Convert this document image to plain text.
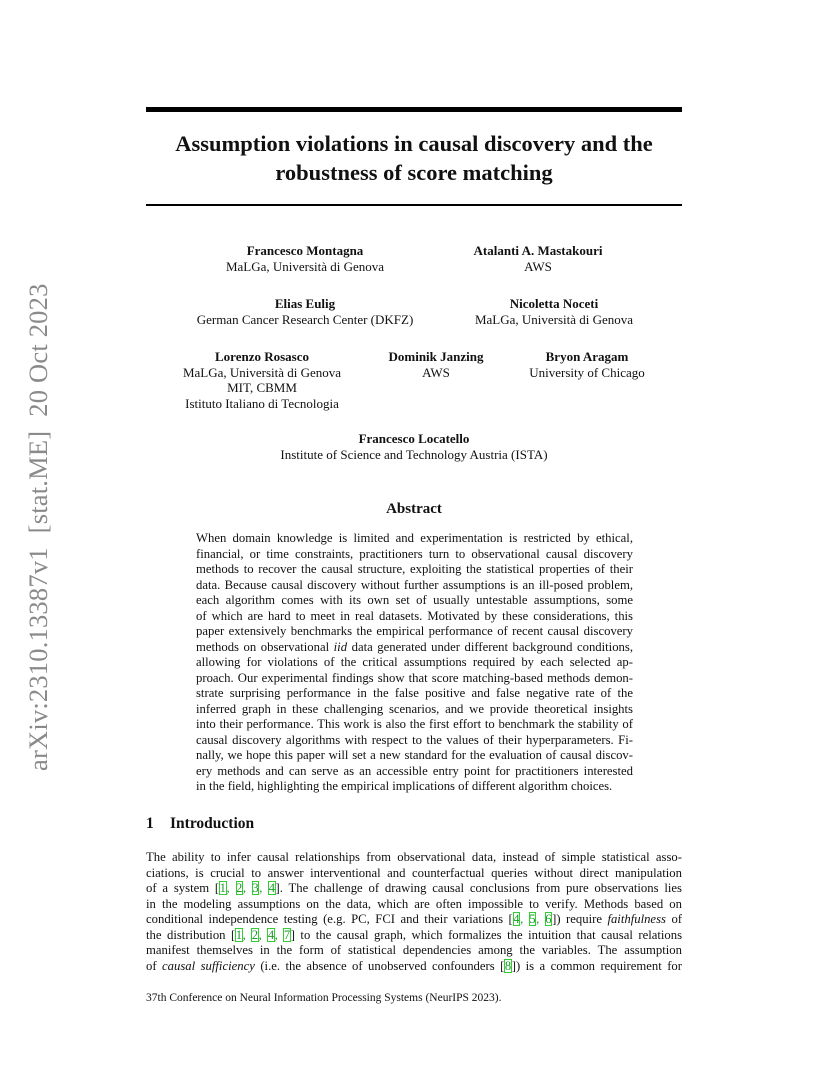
arXiv:2310.13387v1[stat.ME]20 Oct 2023
Assumption violations in causal discovery and the
robustness of score matching
Francesco Montagna
MaLGa, Università di Genova
Atalanti A. Mastakouri
AWS
Elias Eulig
German Cancer Research Center (DKFZ)
Nicoletta Noceti
MaLGa, Università di Genova
Lorenzo Rosasco
MaLGa, Università di Genova
MIT, CBMM
Istituto Italiano di Tecnologia
Dominik Janzing
AWS
Bryon Aragam
University of Chicago
Francesco Locatello
Institute of Science and Technology Austria (ISTA)
Abstract
When domain knowledge is limited and experimentation is restricted by ethical,
financial, or time constraints, practitioners turn to observational causal discovery
methods to recover the causal structure, exploiting the statistical properties of their
data. Because causal discovery without further assumptions is an ill-posed problem,
each algorithm comes with its own set of usually untestable assumptions, some
of which are hard to meet in real datasets. Motivated by these considerations, this
paper extensively benchmarks the empirical performance of recent causal discovery
methods on observational iid data generated under different background conditions,
allowing for violations of the critical assumptions required by each selected ap-
proach. Our experimental findings show that score matching-based methods demon-
strate surprising performance in the false positive and false negative rate of the
inferred graph in these challenging scenarios, and we provide theoretical insights
into their performance. This work is also the first effort to benchmark the stability of
causal discovery algorithms with respect to the values of their hyperparameters. Fi-
nally, we hope this paper will set a new standard for the evaluation of causal discov-
ery methods and can serve as an accessible entry point for practitioners interested
in the field, highlighting the empirical implications of different algorithm choices.
1 Introduction
The ability to infer causal relationships from observational data, instead of simple statistical asso-
ciations, is crucial to answer interventional and counterfactual queries without direct manipulation
of a system [1, 2, 3, 4]. The challenge of drawing causal conclusions from pure observations lies
in the modeling assumptions on the data, which are often impossible to verify. Methods based on
conditional independence testing (e.g. PC, FCI and their variations [4, 5, 6]) require faithfulness of
the distribution [1, 2, 4, 7] to the causal graph, which formalizes the intuition that causal relations
manifest themselves in the form of statistical dependencies among the variables. The assumption
of causal sufficiency (i.e. the absence of unobserved confounders [8]) is a common requirement for
37th Conference on Neural Information Processing Systems (NeurIPS 2023).
